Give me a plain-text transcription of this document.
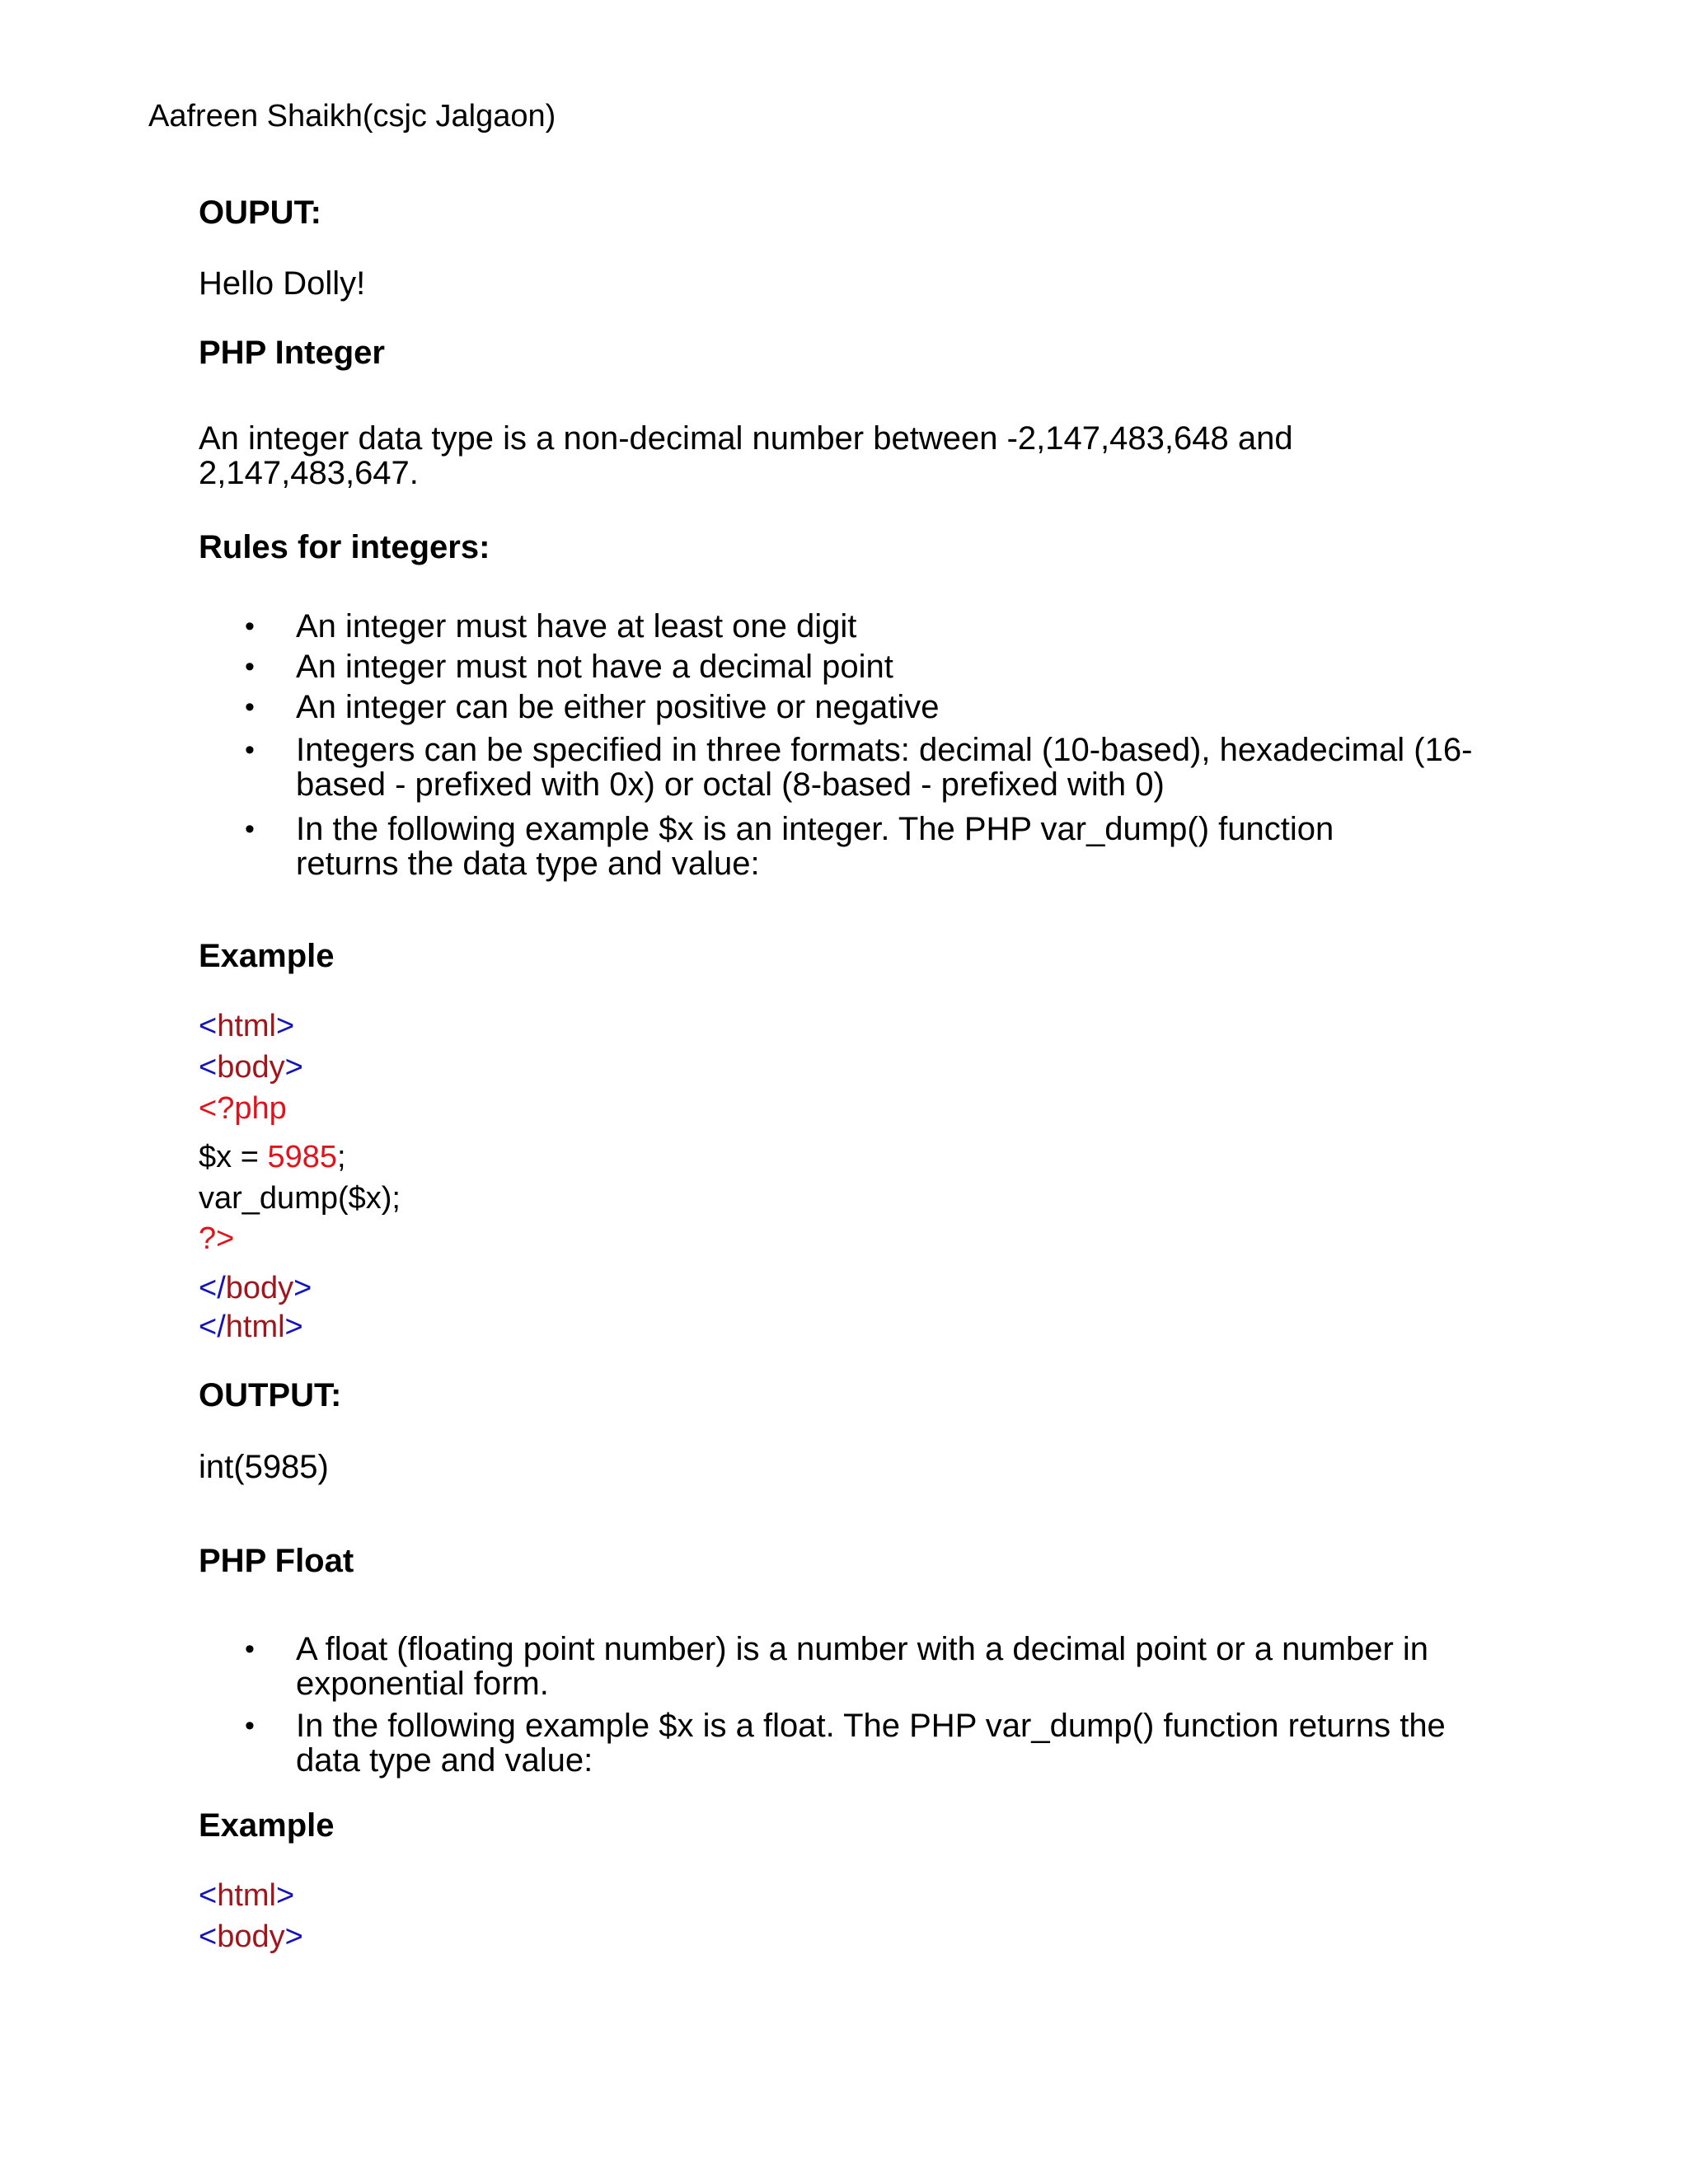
Aafreen Shaikh(csjc Jalgaon)
OUPUT:
Hello Dolly!
PHP Integer
An integer data type is a non-decimal number between -2,147,483,648 and
2,147,483,647.
Rules for integers:
• An integer must have at least one digit
• An integer must not have a decimal point
• An integer can be either positive or negative
• Integers can be specified in three formats: decimal (10-based), hexadecimal (16-
based - prefixed with 0x) or octal (8-based - prefixed with 0)
• In the following example $x is an integer. The PHP var_dump() function
returns the data type and value:
Example
<html>
<body>
<?php
$x = 5985;
var_dump($x);
?>
</body>
</html>
OUTPUT:
int(5985)
PHP Float
• A float (floating point number) is a number with a decimal point or a number in
exponential form.
• In the following example $x is a float. The PHP var_dump() function returns the
data type and value:
Example
<html>
<body>
